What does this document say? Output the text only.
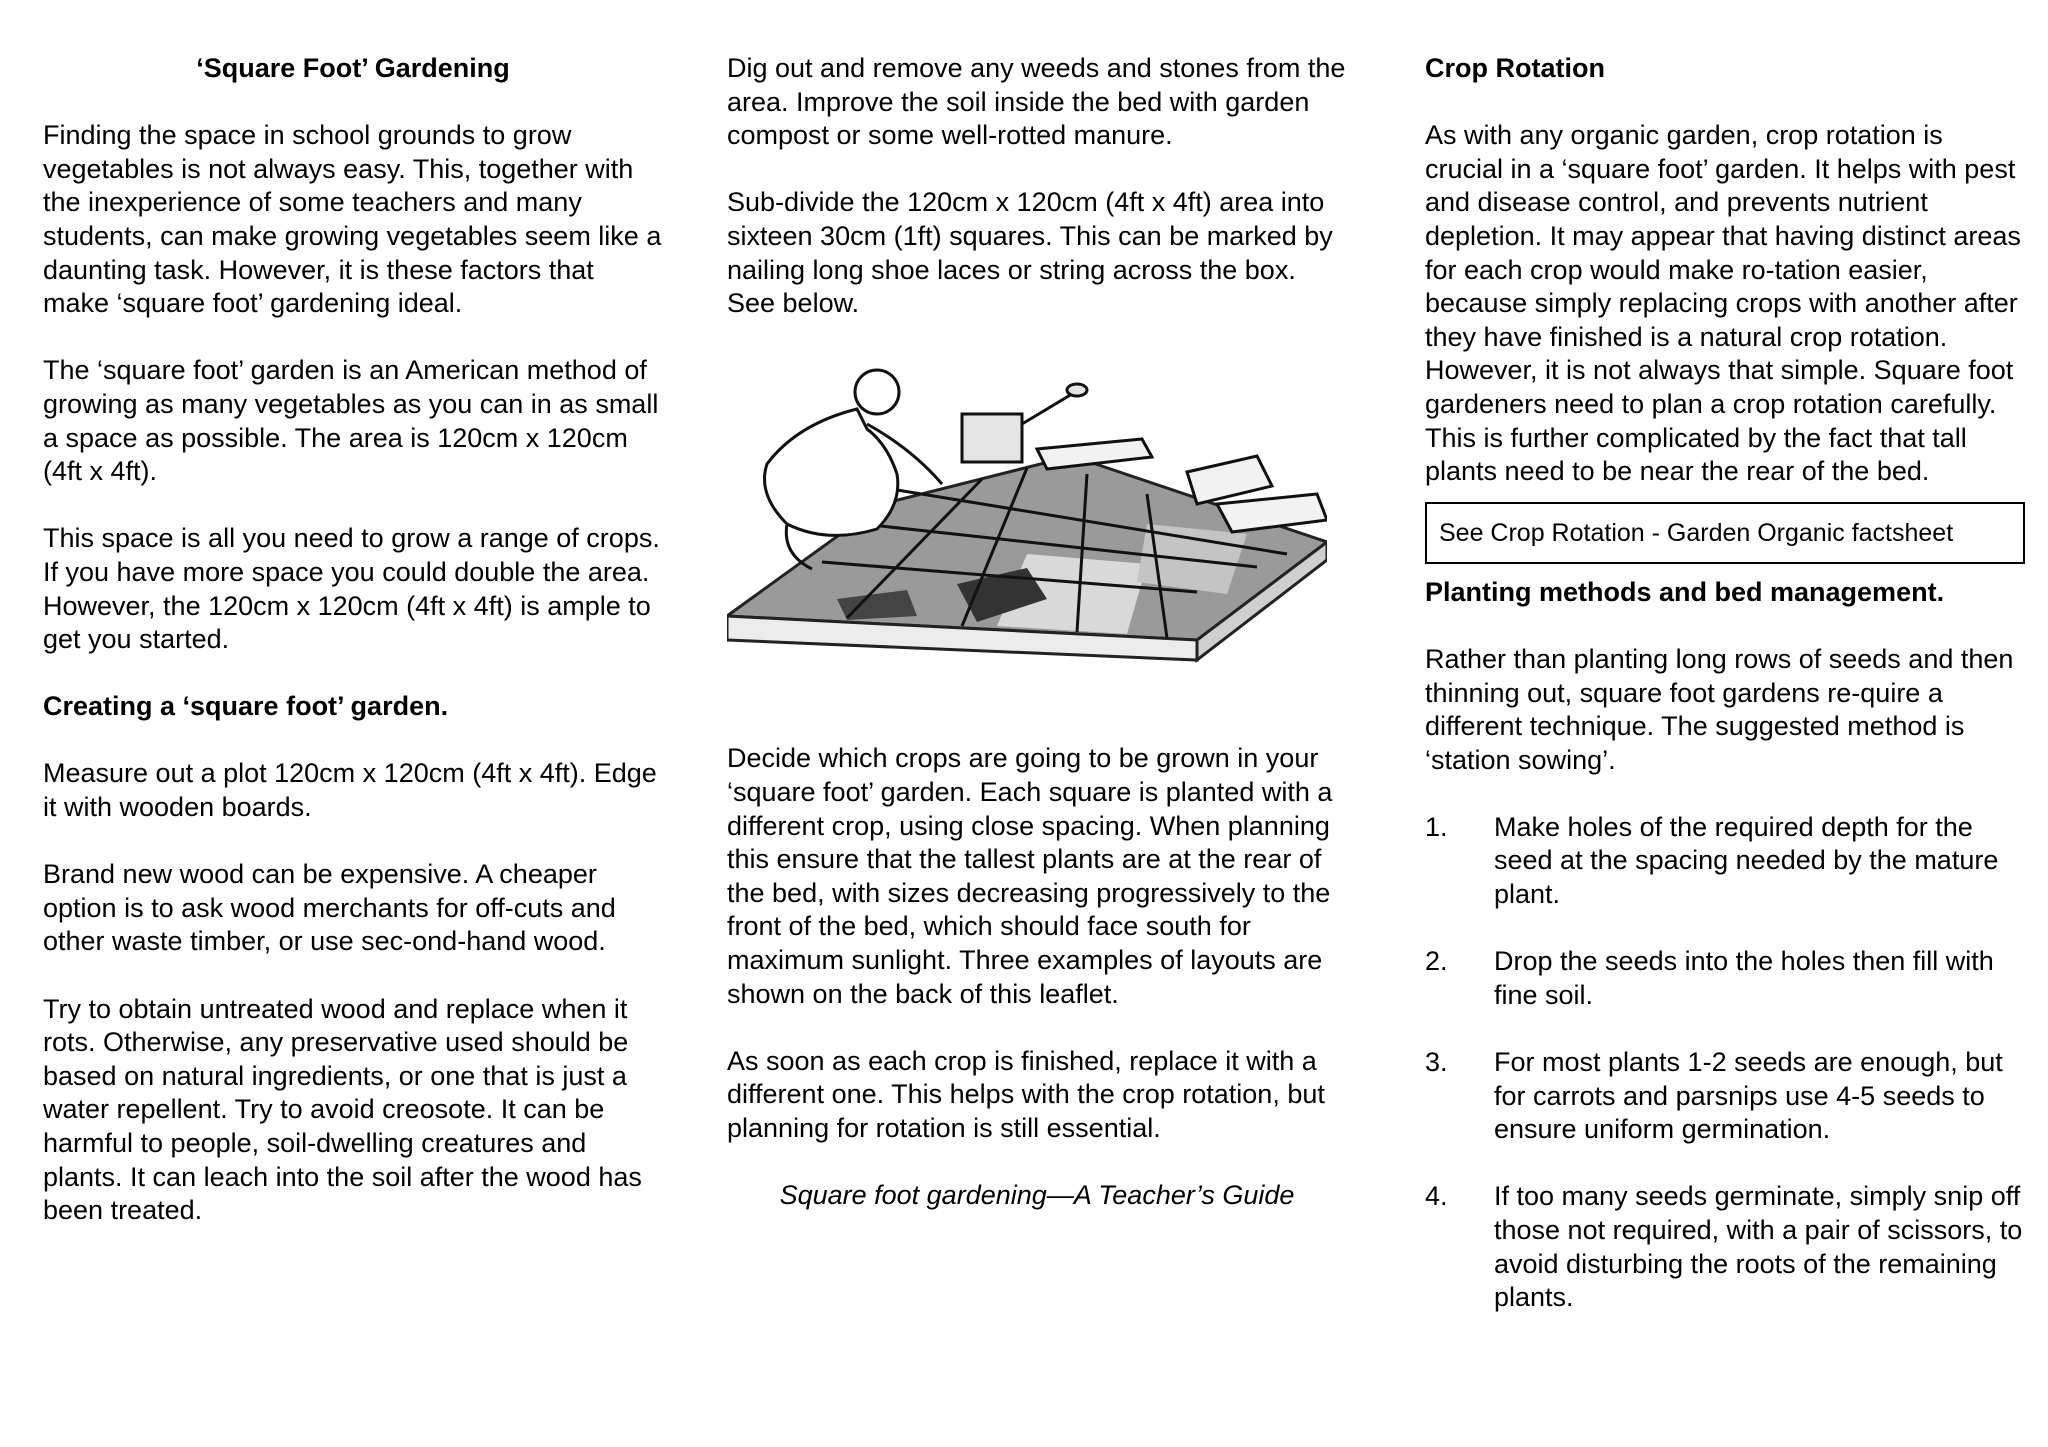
‘Square Foot’ Gardening

Finding the space in school grounds to grow vegetables is not always easy. This, together with the inexperience of some teachers and many
students, can make growing vegetables seem like a daunting task. However, it is these factors that make ‘square foot’ gardening ideal.

The ‘square foot’ garden is an American method of growing as many vegetables as you can in as small a space as possible. The area is 120cm x 120cm (4ft x 4ft).

This space is all you need to grow a range of crops. If you have more space you could double the area. However, the 120cm x 120cm (4ft x 4ft) is ample to get you started.

Creating a ‘square foot’ garden.

Measure out a plot 120cm x 120cm (4ft x 4ft). Edge it with wooden boards.

Brand new wood can be expensive. A cheaper option is to ask wood merchants for off-cuts and other waste timber, or use sec-ond-hand wood.

Try to obtain untreated wood and replace when it rots. Otherwise, any preservative used should be based on natural ingredients, or one that is just a water repellent. Try to avoid creosote. It can be harmful to people, soil-dwelling creatures and plants. It can leach into the soil after the wood has been treated.

Dig out and remove any weeds and stones from the area. Improve the soil inside the bed with garden compost or some well-rotted manure.

Sub-divide the 120cm x 120cm (4ft x 4ft) area into sixteen 30cm (1ft) squares. This can be marked by nailing long shoe laces or string across the box. See below.

Decide which crops are going to be grown in your ‘square foot’ garden. Each square is planted with a different crop, using close spacing. When planning this ensure that the tallest plants are at the rear of the bed, with sizes decreasing progressively to the front of the bed, which should face south for maximum sunlight. Three examples of layouts are shown on the back of this leaflet.

As soon as each crop is finished, replace it with a different one. This helps with the crop rotation, but planning for rotation is still essential.

Square foot gardening—A Teacher’s Guide

Crop Rotation

As with any organic garden, crop rotation is crucial in a ‘square foot’ garden. It helps with pest and disease control, and prevents nutrient depletion. It may appear that having distinct areas for each crop would make ro-tation easier, because simply replacing crops with another after they have finished is a natural crop rotation. However, it is not always that simple. Square foot gardeners need to plan a crop rotation carefully. This is further complicated by the fact that tall plants need to be near the rear of the bed.

See Crop Rotation - Garden Organic factsheet
Planting methods and bed management.

Rather than planting long rows of seeds and then thinning out, square foot gardens re-quire a different technique. The suggested method is ‘station sowing’.

1. Make holes of the required depth for the seed at the spacing needed by the mature plant.
2. Drop the seeds into the holes then fill with fine soil.
3. For most plants 1-2 seeds are enough, but for carrots and parsnips use 4-5 seeds to ensure uniform germination.
4. If too many seeds germinate, simply snip off those not required, with a pair of scissors, to avoid disturbing the roots of the remaining plants.
